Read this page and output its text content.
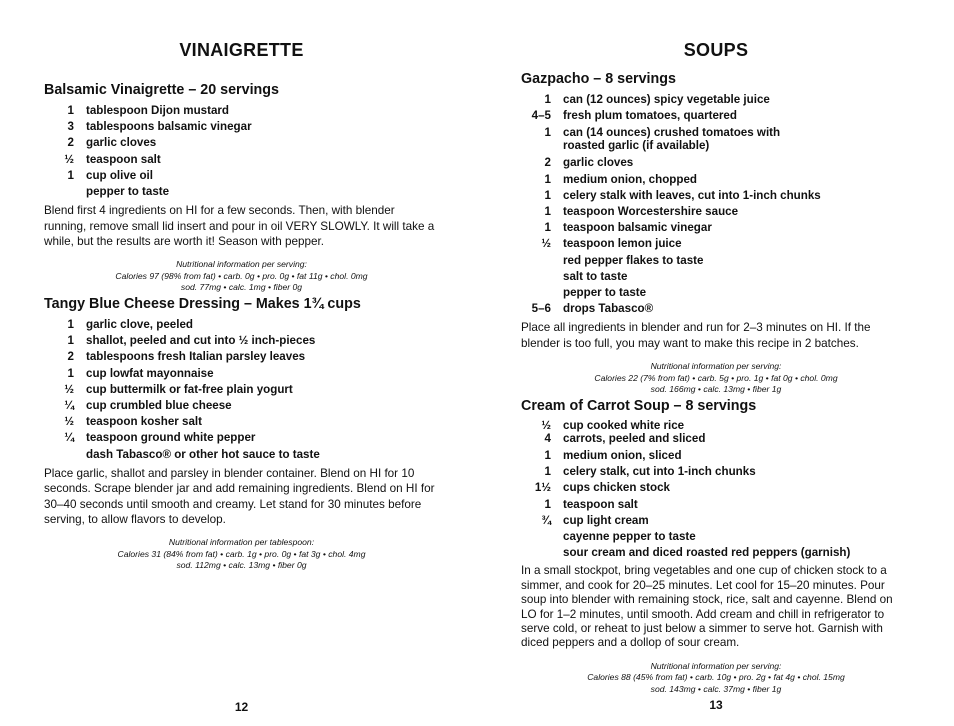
VINAIGRETTE
Balsamic Vinaigrette – 20 servings
1	tablespoon Dijon mustard
3	tablespoons balsamic vinegar
2	garlic cloves
½	teaspoon salt
1	cup olive oil
pepper to taste

Blend first 4 ingredients on HI for a few seconds. Then, with blender running, remove small lid insert and pour in oil VERY SLOWLY. It will take a while, but the results are worth it! Season with pepper.

Nutritional information per serving:
Calories 97 (98% from fat) • carb. 0g • pro. 0g • fat 11g • chol. 0mg
sod. 77mg • calc. 1mg • fiber 0g

Tangy Blue Cheese Dressing – Makes 1¾ cups
1	garlic clove, peeled
1	shallot, peeled and cut into ½ inch-pieces
2	tablespoons fresh Italian parsley leaves
1	cup lowfat mayonnaise
½	cup buttermilk or fat-free plain yogurt
¼	cup crumbled blue cheese
½	teaspoon kosher salt
¼	teaspoon ground white pepper
dash Tabasco® or other hot sauce to taste

Place garlic, shallot and parsley in blender container. Blend on HI for 10 seconds. Scrape blender jar and add remaining ingredients. Blend on HI for 30–40 seconds until smooth and creamy. Let stand for 30 minutes before serving, to allow flavors to develop.

Nutritional information per tablespoon:
Calories 31 (84% from fat) • carb. 1g • pro. 0g • fat 3g • chol. 4mg
sod. 112mg • calc. 13mg • fiber 0g

12
SOUPS
Gazpacho – 8 servings
1	can (12 ounces) spicy vegetable juice
4–5	fresh plum tomatoes, quartered
1	can (14 ounces) crushed tomatoes with roasted garlic (if available)
2	garlic cloves
1	medium onion, chopped
1	celery stalk with leaves, cut into 1-inch chunks
1	teaspoon Worcestershire sauce
1	teaspoon balsamic vinegar
½	teaspoon lemon juice
red pepper flakes to taste
salt to taste
pepper to taste
5–6	drops Tabasco®

Place all ingredients in blender and run for 2–3 minutes on HI. If the blender is too full, you may want to make this recipe in 2 batches.

Nutritional information per serving:
Calories 22 (7% from fat) • carb. 5g • pro. 1g • fat 0g • chol. 0mg
sod. 166mg • calc. 13mg • fiber 1g

Cream of Carrot Soup – 8 servings
½	cup cooked white rice
4	carrots, peeled and sliced
1	medium onion, sliced
1	celery stalk, cut into 1-inch chunks
1½	cups chicken stock
1	teaspoon salt
¾	cup light cream
cayenne pepper to taste
sour cream and diced roasted red peppers (garnish)

In a small stockpot, bring vegetables and one cup of chicken stock to a simmer, and cook for 20–25 minutes. Let cool for 15–20 minutes. Pour soup into blender with remaining stock, rice, salt and cayenne. Blend on LO for 1–2 minutes, until smooth. Add cream and chill in refrigerator to serve cold, or reheat to just below a simmer to serve hot. Garnish with diced peppers and a dollop of sour cream.

Nutritional information per serving:
Calories 88 (45% from fat) • carb. 10g • pro. 2g • fat 4g • chol. 15mg
sod. 143mg • calc. 37mg • fiber 1g

13
